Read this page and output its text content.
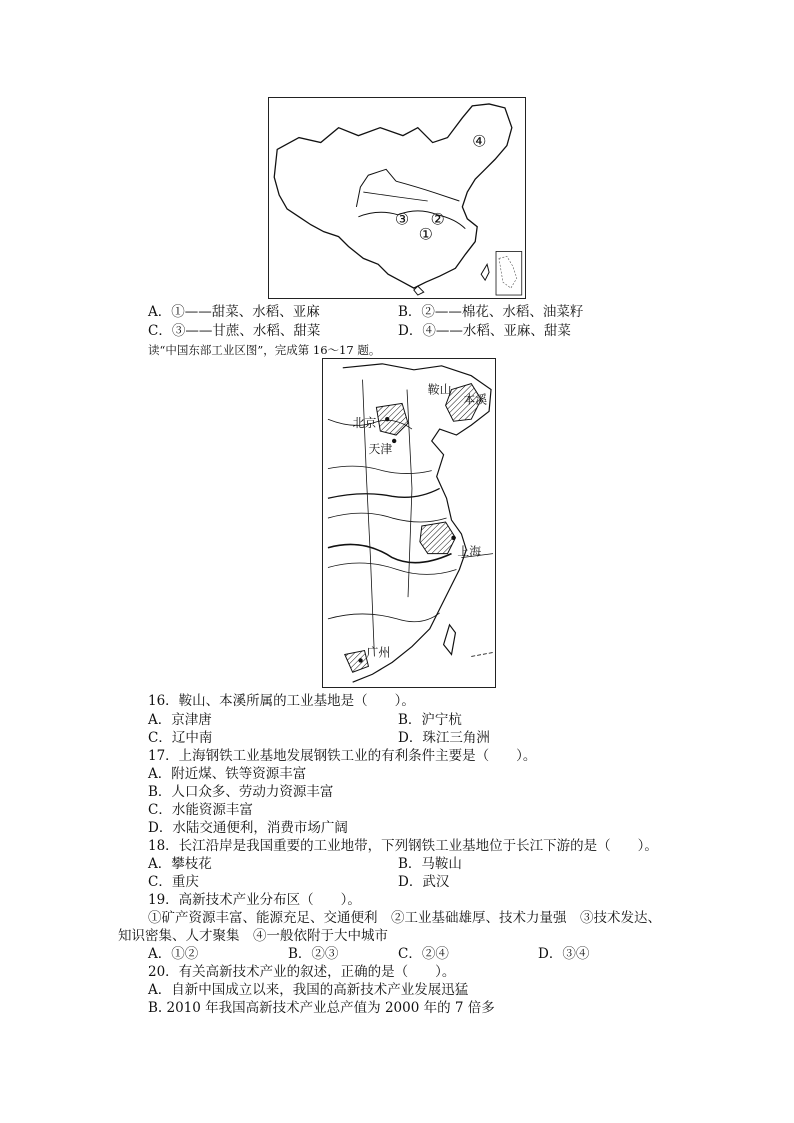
④
③ ②
①
A．①——甜菜、水稻、亚麻	B．②——棉花、水稻、油菜籽
C．③——甘蔗、水稻、甜菜	D．④——水稻、亚麻、甜菜
读“中国东部工业区图”，完成第 16～17 题。
鞍山
本溪
北京
天津
上海
广州
16．鞍山、本溪所属的工业基地是（　　）。
A．京津唐	B．沪宁杭
C．辽中南	D．珠江三角洲
17．上海钢铁工业基地发展钢铁工业的有利条件主要是（　　）。
A．附近煤、铁等资源丰富
B．人口众多、劳动力资源丰富
C．水能资源丰富
D．水陆交通便利，消费市场广阔
18．长江沿岸是我国重要的工业地带，下列钢铁工业基地位于长江下游的是（　　）。
A．攀枝花	B．马鞍山
C．重庆	D．武汉
19．高新技术产业分布区（　　）。
①矿产资源丰富、能源充足、交通便利　②工业基础雄厚、技术力量强　③技术发达、
知识密集、人才聚集　④一般依附于大中城市
A．①②	B．②③	C．②④	D．③④
20．有关高新技术产业的叙述，正确的是（　　）。
A．自新中国成立以来，我国的高新技术产业发展迅猛
B. 2010 年我国高新技术产业总产值为 2000 年的 7 倍多
